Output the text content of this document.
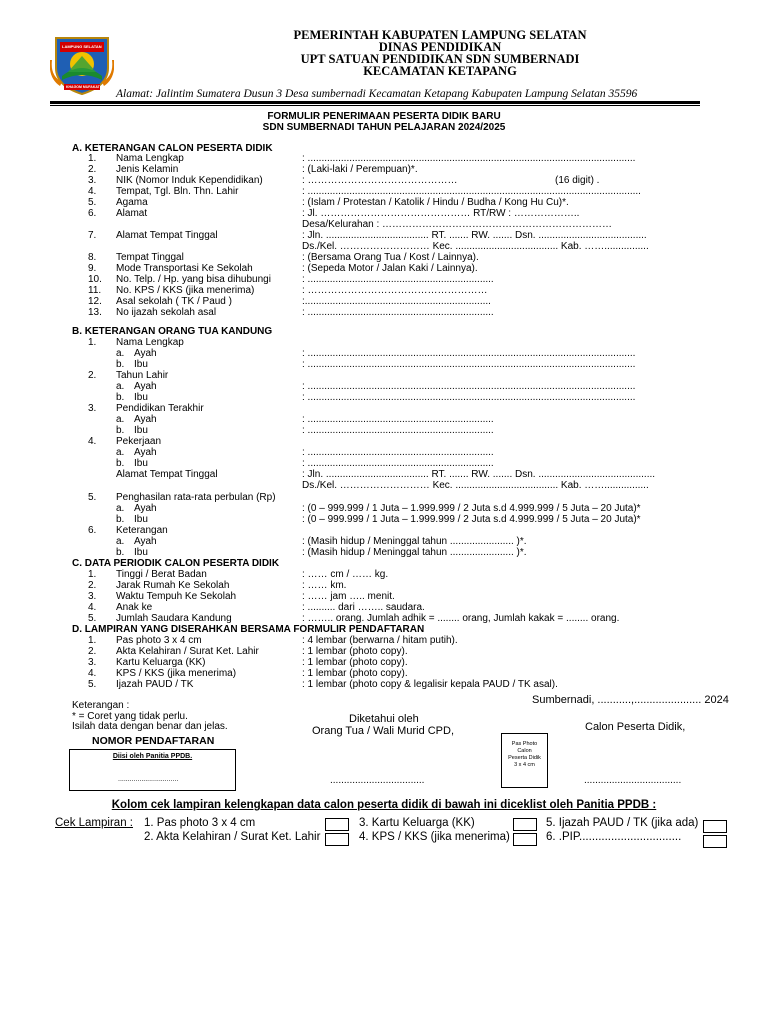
LAMPUNG SELATAN
KHAGOM MUFAKAT
PEMERINTAH KABUPATEN LAMPUNG SELATAN
DINAS PENDIDIKAN
UPT SATUAN PENDIDIKAN SDN SUMBERNADI
KECAMATAN KETAPANG
Alamat: Jalintim Sumatera Dusun 3 Desa sumbernadi Kecamatan Ketapang Kabupaten Lampung Selatan 35596
FORMULIR PENERIMAAN PESERTA DIDIK BARU
SDN SUMBERNADI TAHUN PELAJARAN 2024/2025
A. KETERANGAN CALON PESERTA DIDIK
1.	Nama Lengkap	: ......................................................................................................................
2.	Jenis Kelamin	: (Laki-laki / Perempuan)*.
3.	NIK (Nomor Induk Kependidikan)	: ………………………………………	(16 digit) .
4.	Tempat, Tgl. Bln. Thn. Lahir	: ........................................................................................................................
5.	Agama	: (Islam / Protestan / Katolik / Hindu / Budha / Kong Hu Cu)*.
6.	Alamat	: Jl. ……………………………………… RT/RW : ………………..
Desa/Kelurahan : ……………………………………………………………
7.	Alamat Tempat Tinggal	: Jln. ..................................... RT. ....... RW. ....... Dsn. .......................................
Ds./Kel. ……………………… Kec. ..................................... Kab. ……................
8.	Tempat Tinggal	: (Bersama Orang Tua / Kost / Lainnya).
9.	Mode Transportasi Ke Sekolah	: (Sepeda Motor / Jalan Kaki / Lainnya).
10.	No. Telp. / Hp. yang bisa dihubungi	: ...................................................................
11.	No. KPS / KKS (jika menerima)	: ………………………………………………
12.	Asal sekolah ( TK / Paud )	:...................................................................
13.	No ijazah sekolah asal	: ...................................................................
B. KETERANGAN ORANG TUA KANDUNG
1.	Nama Lengkap
a. Ayah	: ......................................................................................................................
b. Ibu	: ......................................................................................................................
2.	Tahun Lahir
a. Ayah	: ......................................................................................................................
b. Ibu	: ......................................................................................................................
3.	Pendidikan Terakhir
a. Ayah	: ...................................................................
b. Ibu	: ...................................................................
4.	Pekerjaan
a. Ayah	: ...................................................................
b. Ibu	: ...................................................................
Alamat Tempat Tinggal	: Jln. ..................................... RT. ....... RW. ....... Dsn. ..........................................
Ds./Kel. ……………………… Kec. ..................................... Kab. ……................
5.	Penghasilan rata-rata perbulan (Rp)
a. Ayah	: (0 – 999.999 / 1 Juta – 1.999.999 / 2 Juta s.d 4.999.999 / 5 Juta – 20 Juta)*
b. Ibu	: (0 – 999.999 / 1 Juta – 1.999.999 / 2 Juta s.d 4.999.999 / 5 Juta – 20 Juta)*
6.	Keterangan
a. Ayah	: (Masih hidup / Meninggal tahun ....................... )*.
b. Ibu	: (Masih hidup / Meninggal tahun ....................... )*.
C. DATA PERIODIK CALON PESERTA DIDIK
1.	Tinggi / Berat Badan	: …… cm / …… kg.
2.	Jarak Rumah Ke Sekolah	: …… km.
3.	Waktu Tempuh Ke Sekolah	: …… jam ….. menit.
4.	Anak ke	: .......... dari …….. saudara.
5.	Jumlah Saudara Kandung	: …….. orang. Jumlah adhik = ........ orang, Jumlah kakak = ........ orang.
D. LAMPIRAN YANG DISERAHKAN BERSAMA FORMULIR PENDAFTARAN
1.	Pas photo 3 x 4 cm	: 4 lembar (berwarna / hitam putih).
2.	Akta Kelahiran / Surat Ket. Lahir	: 1 lembar (photo copy).
3.	Kartu Keluarga (KK)	: 1 lembar (photo copy).
4.	KPS / KKS (jika menerima)	: 1 lembar (photo copy).
5.	Ijazah PAUD / TK	: 1 lembar (photo copy & legalisir kepala PAUD / TK asal).
Keterangan :
* = Coret yang tidak perlu.
Isilah data dengan benar dan jelas.
Sumbernadi, ...........,...................... 2024
Diketahui oleh
Orang Tua / Wali Murid CPD,	Calon Peserta Didik,
NOMOR PENDAFTARAN
Diisi oleh Panitia PPDB.
...............................
Pas Photo
Calon
Peserta Didik
3 x 4 cm
..................................	...................................
Kolom cek lampiran kelengkapan data calon peserta didik di bawah ini diceklist oleh Panitia PPDB :
Cek Lampiran : 1. Pas photo 3 x 4 cm
2. Akta Kelahiran / Surat Ket. Lahir
3. Kartu Keluarga (KK)
4. KPS / KKS (jika menerima)
5. Ijazah PAUD / TK (jika ada)
6. .PIP................................
